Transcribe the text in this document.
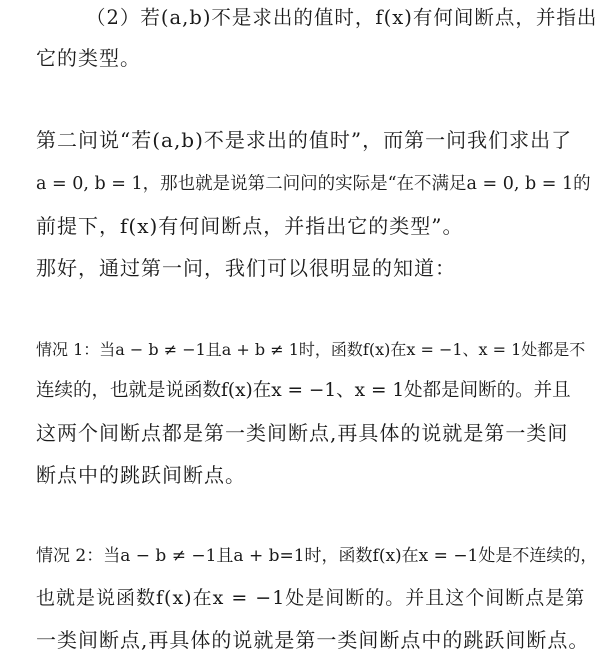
（2）若(a,b)不是求出的值时，f(x)有何间断点，并指出
它的类型。
第二问说“若(a,b)不是求出的值时”，而第一问我们求出了
a = 0, b = 1，那也就是说第二问问的实际是“在不满足a = 0, b = 1的
前提下，f(x)有何间断点，并指出它的类型”。
那好，通过第一问，我们可以很明显的知道：
情况 1：当a − b ≠ −1且a + b ≠ 1时，函数f(x)在x = −1、x = 1处都是不
连续的，也就是说函数f(x)在x = −1、x = 1处都是间断的。并且
这两个间断点都是第一类间断点,再具体的说就是第一类间
断点中的跳跃间断点。
情况 2：当a − b ≠ −1且a + b=1时，函数f(x)在x = −1处是不连续的，
也就是说函数f(x)在x = −1处是间断的。并且这个间断点是第
一类间断点,再具体的说就是第一类间断点中的跳跃间断点。
